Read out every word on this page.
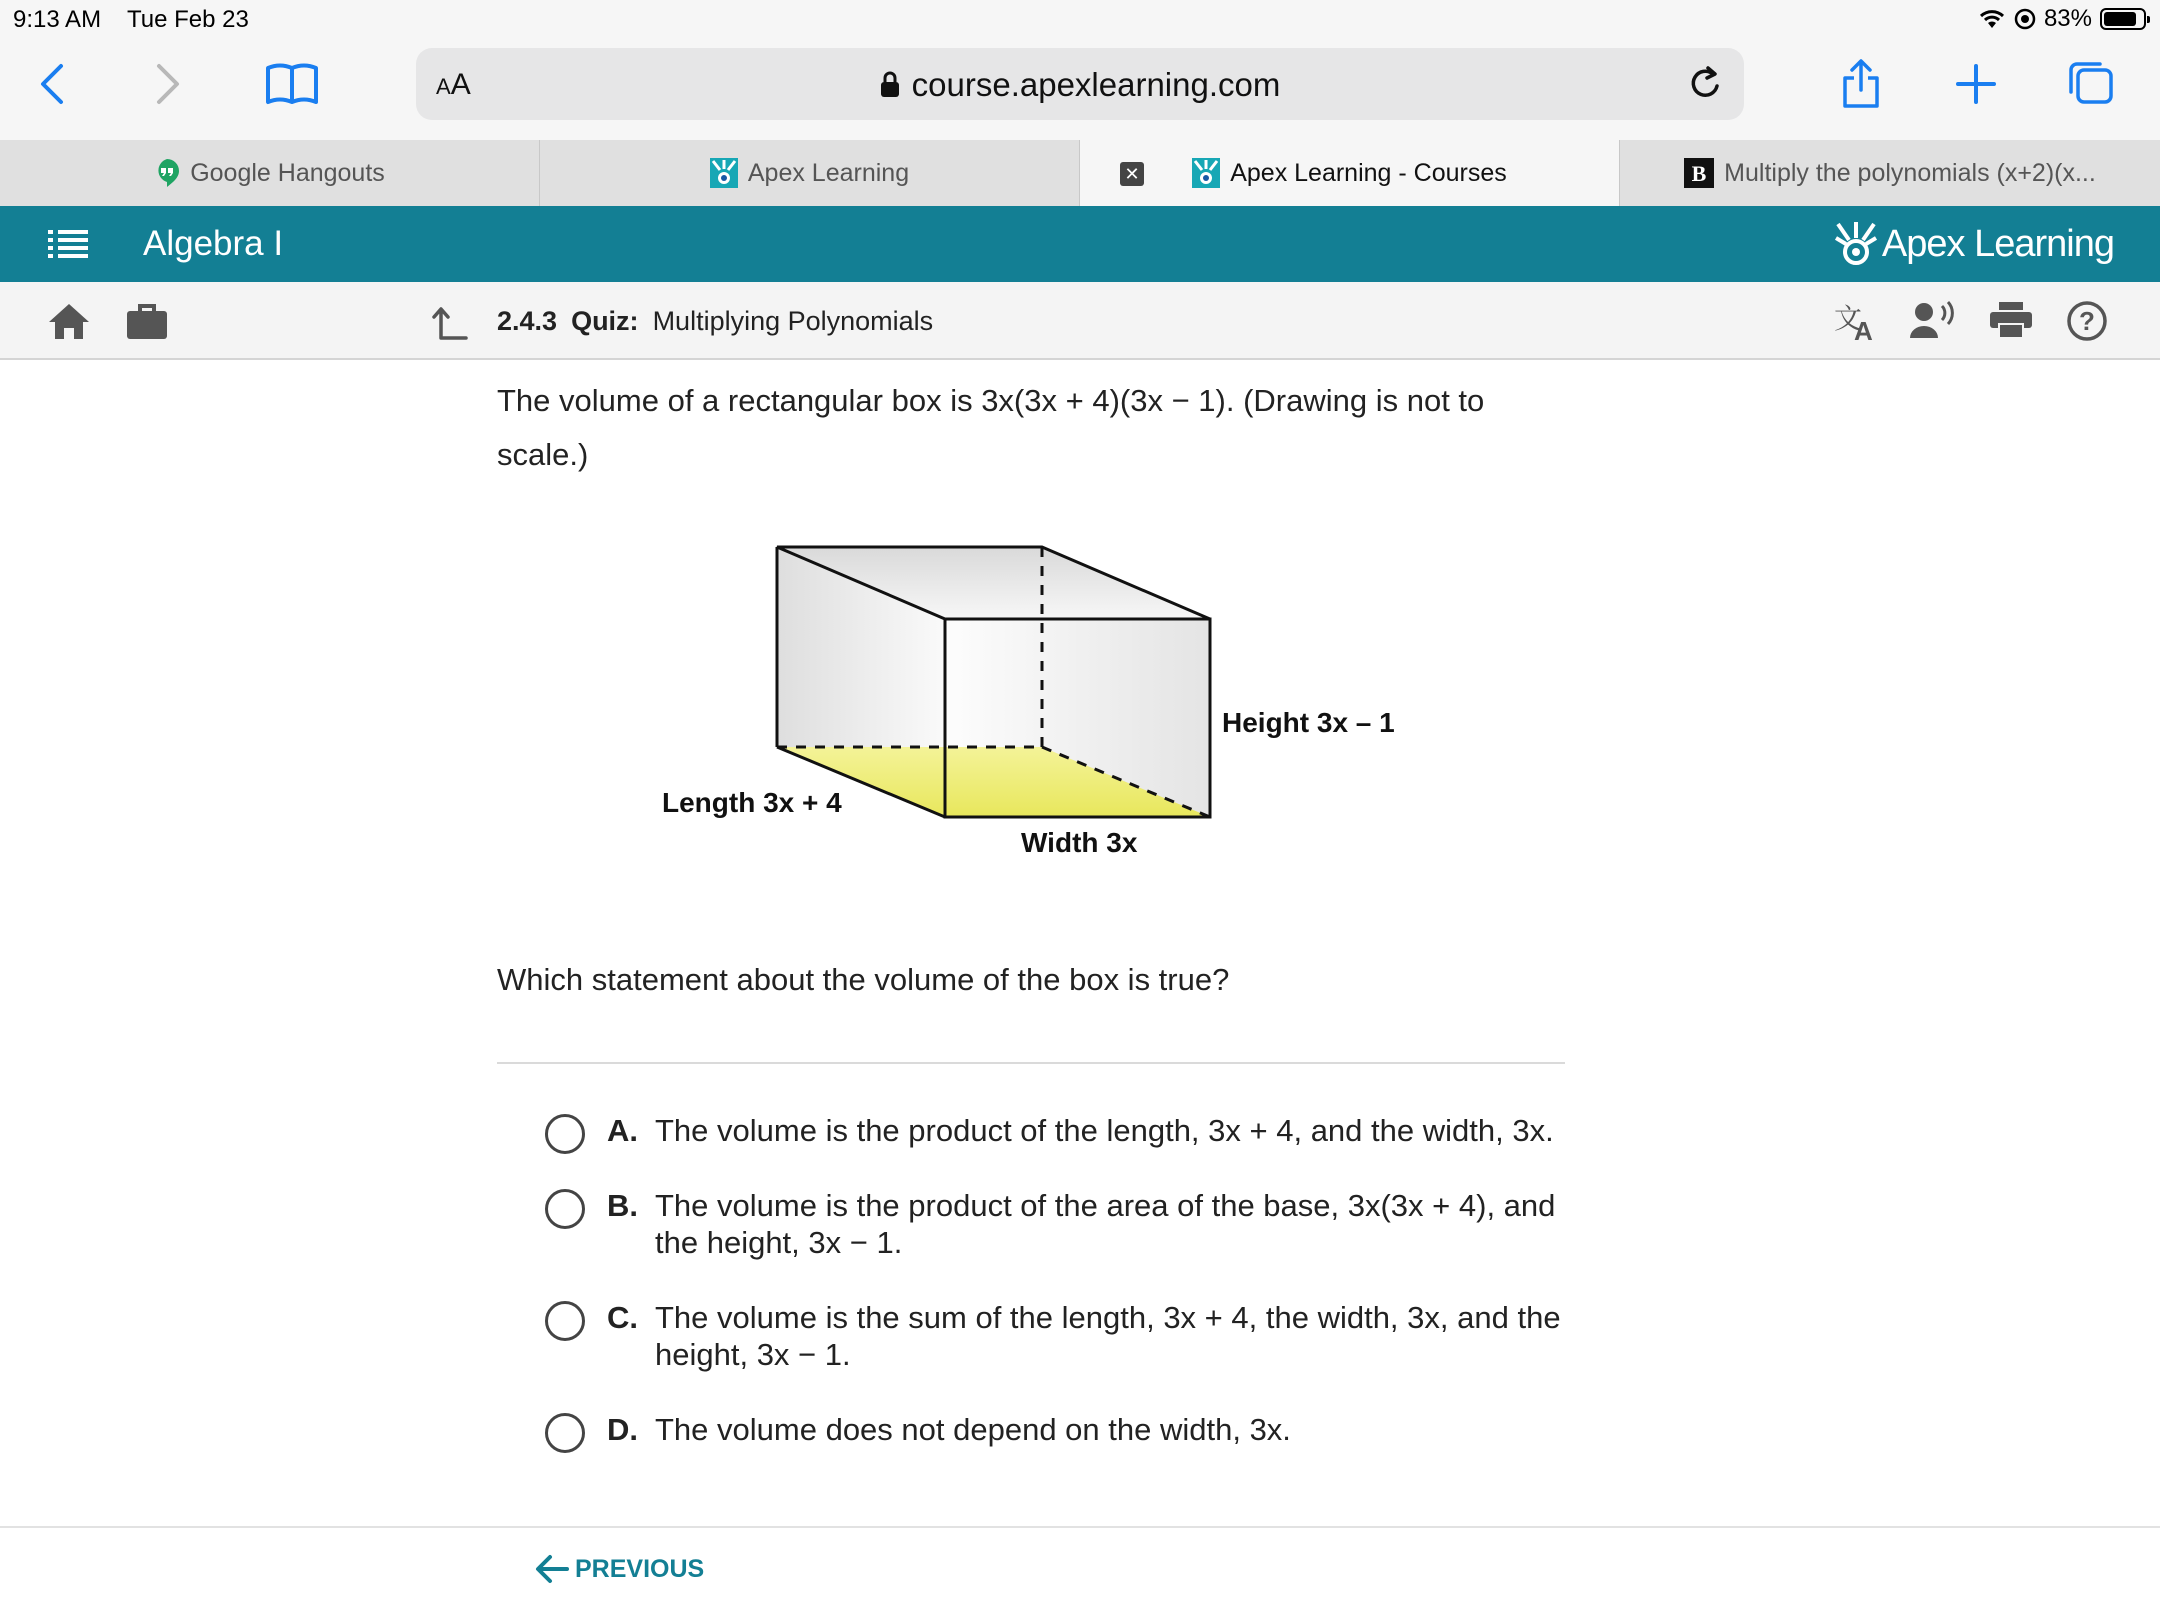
9:13 AM Tue Feb 23	83%
AA	course.apexlearning.com
Google Hangouts	Apex Learning	✕	Apex Learning - Courses	B Multiply the polynomials (x+2)(x...
Algebra I	Apex Learning
2.4.3 Quiz: Multiplying Polynomials	文
A	?

The volume of a rectangular box is 3x(3x + 4)(3x − 1). (Drawing is not to scale.)

Height 3x – 1
Length 3x + 4
Width 3x

Which statement about the volume of the box is true?

A. The volume is the product of the length, 3x + 4, and the width, 3x.
B. The volume is the product of the area of the base, 3x(3x + 4), and the height, 3x − 1.
C. The volume is the sum of the length, 3x + 4, the width, 3x, and the height, 3x − 1.
D. The volume does not depend on the width, 3x.
PREVIOUS
